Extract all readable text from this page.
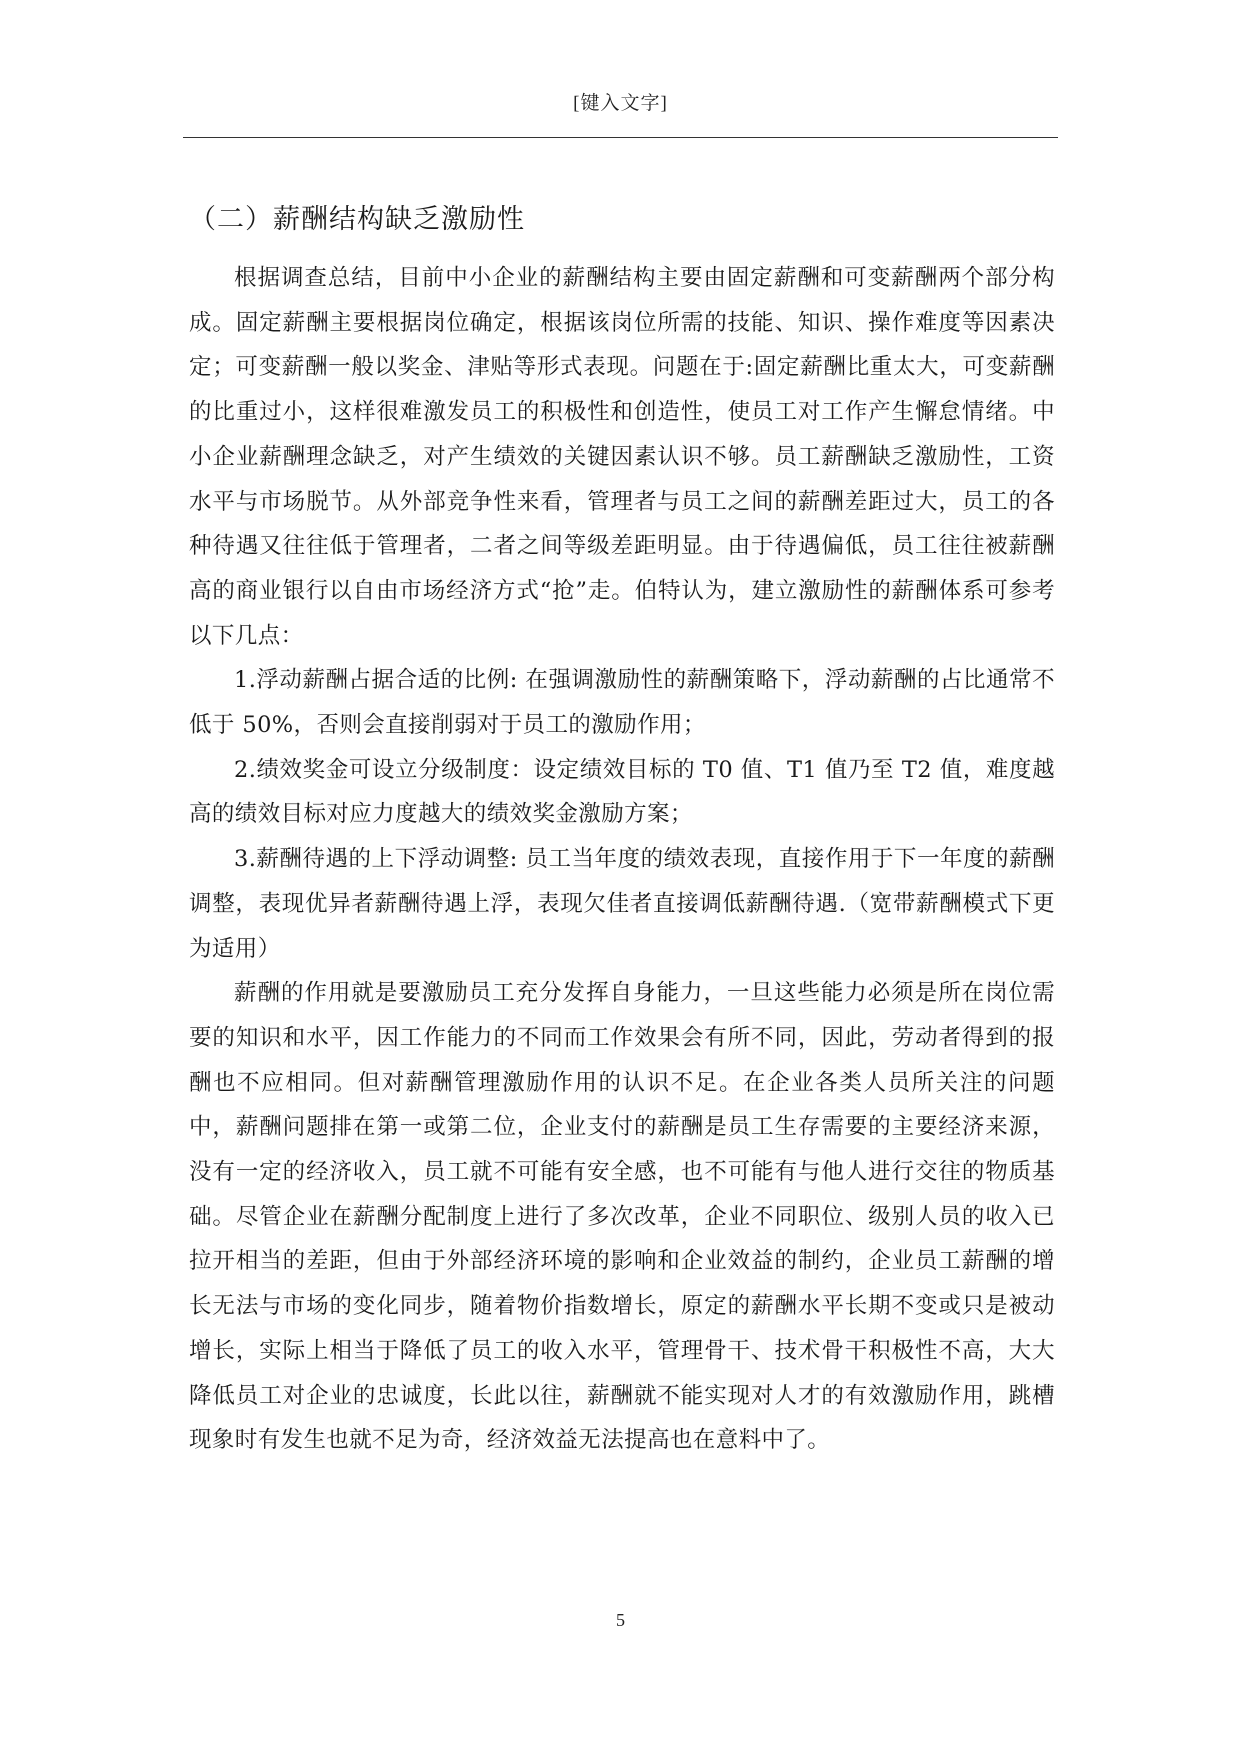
[键入文字]
（二）薪酬结构缺乏激励性

根据调查总结，目前中小企业的薪酬结构主要由固定薪酬和可变薪酬两个部分构成。固定薪酬主要根据岗位确定，根据该岗位所需的技能、知识、操作难度等因素决定；可变薪酬一般以奖金、津贴等形式表现。问题在于:固定薪酬比重太大，可变薪酬的比重过小，这样很难激发员工的积极性和创造性，使员工对工作产生懈怠情绪。中小企业薪酬理念缺乏，对产生绩效的关键因素认识不够。员工薪酬缺乏激励性，工资水平与市场脱节。从外部竞争性来看，管理者与员工之间的薪酬差距过大，员工的各种待遇又往往低于管理者，二者之间等级差距明显。由于待遇偏低，员工往往被薪酬高的商业银行以自由市场经济方式“抢”走。伯特认为，建立激励性的薪酬体系可参考以下几点：

1.浮动薪酬占据合适的比例: 在强调激励性的薪酬策略下，浮动薪酬的占比通常不低于 50%，否则会直接削弱对于员工的激励作用；

2.绩效奖金可设立分级制度：设定绩效目标的 T0 值、T1 值乃至 T2 值，难度越高的绩效目标对应力度越大的绩效奖金激励方案；

3.薪酬待遇的上下浮动调整: 员工当年度的绩效表现，直接作用于下一年度的薪酬调整，表现优异者薪酬待遇上浮，表现欠佳者直接调低薪酬待遇.（宽带薪酬模式下更为适用）

薪酬的作用就是要激励员工充分发挥自身能力，一旦这些能力必须是所在岗位需要的知识和水平，因工作能力的不同而工作效果会有所不同，因此，劳动者得到的报酬也不应相同。但对薪酬管理激励作用的认识不足。在企业各类人员所关注的问题中，薪酬问题排在第一或第二位，企业支付的薪酬是员工生存需要的主要经济来源，没有一定的经济收入，员工就不可能有安全感，也不可能有与他人进行交往的物质基础。尽管企业在薪酬分配制度上进行了多次改革，企业不同职位、级别人员的收入已拉开相当的差距，但由于外部经济环境的影响和企业效益的制约，企业员工薪酬的增长无法与市场的变化同步，随着物价指数增长，原定的薪酬水平长期不变或只是被动增长，实际上相当于降低了员工的收入水平，管理骨干、技术骨干积极性不高，大大降低员工对企业的忠诚度，长此以往，薪酬就不能实现对人才的有效激励作用，跳槽现象时有发生也就不足为奇，经济效益无法提高也在意料中了。

5
